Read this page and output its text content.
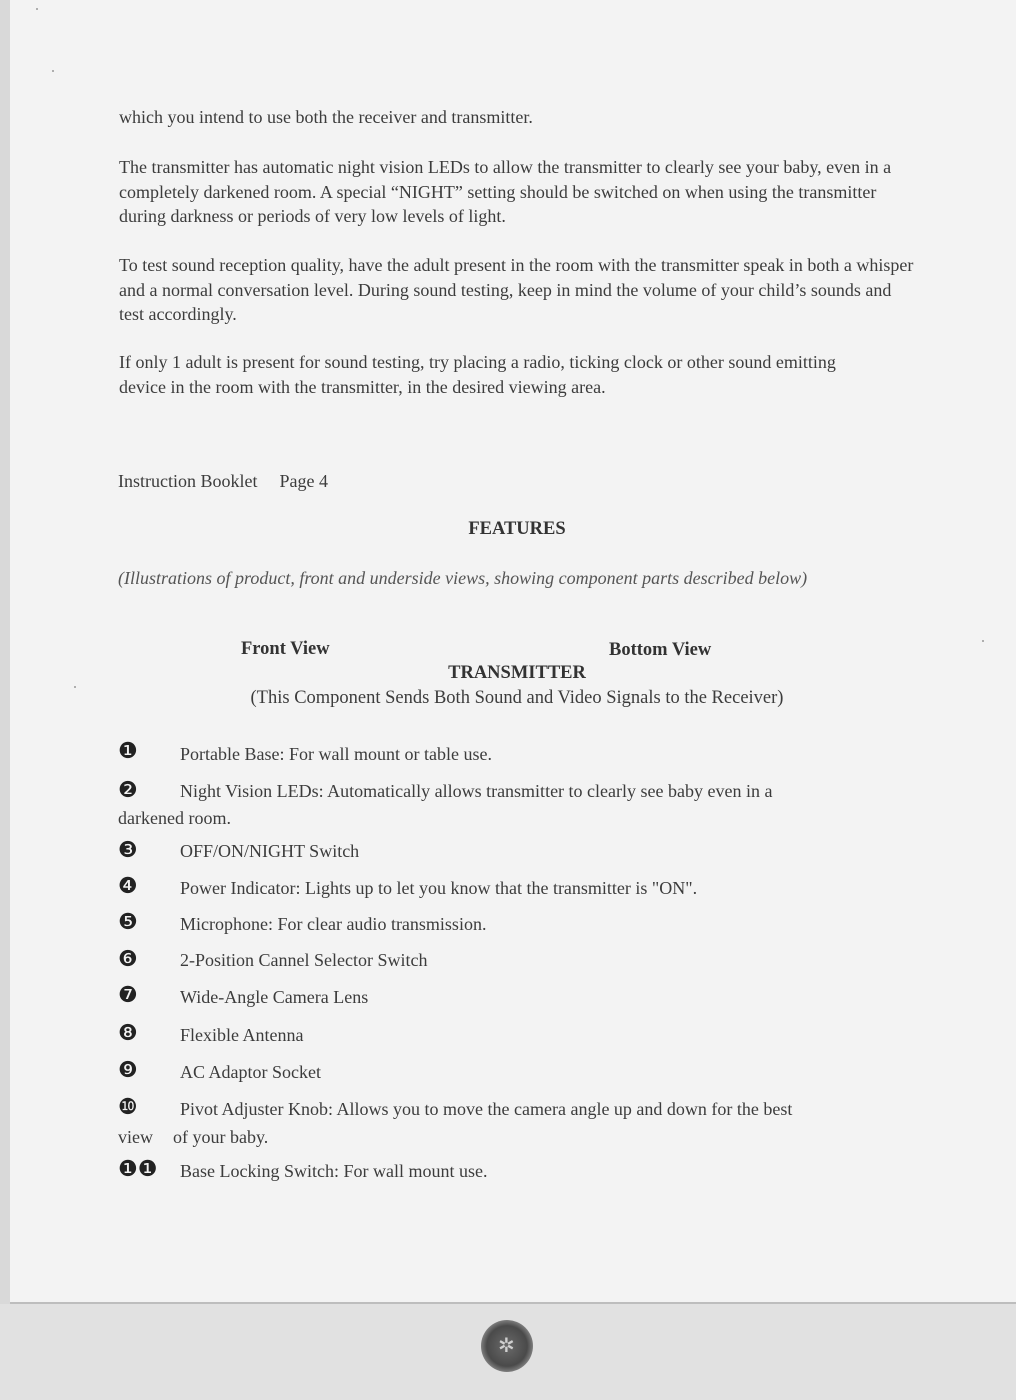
which you intend to use both the receiver and transmitter.
The transmitter has automatic night vision LEDs to allow the transmitter to clearly see your baby, even in a completely darkened room. A special “NIGHT” setting should be switched on when using the transmitter during darkness or periods of very low levels of light.
To test sound reception quality, have the adult present in the room with the transmitter speak in both a whisper and a normal conversation level. During sound testing, keep in mind the volume of your child’s sounds and test accordingly.
If only 1 adult is present for sound testing, try placing a radio, ticking clock or other sound emitting device in the room with the transmitter, in the desired viewing area.
Instruction Booklet Page 4
FEATURES
(Illustrations of product, front and underside views, showing component parts described below)
Front View	Bottom View
TRANSMITTER
(This Component Sends Both Sound and Video Signals to the Receiver)
❶ Portable Base: For wall mount or table use.
❷ Night Vision LEDs: Automatically allows transmitter to clearly see baby even in a
darkened room.
❸ OFF/ON/NIGHT Switch
❹ Power Indicator: Lights up to let you know that the transmitter is "ON".
❺ Microphone: For clear audio transmission.
❻ 2-Position Cannel Selector Switch
❼ Wide-Angle Camera Lens
❽ Flexible Antenna
❾ AC Adaptor Socket
❿ Pivot Adjuster Knob: Allows you to move the camera angle up and down for the best
view of your baby.
❶❶ Base Locking Switch: For wall mount use.
✲
